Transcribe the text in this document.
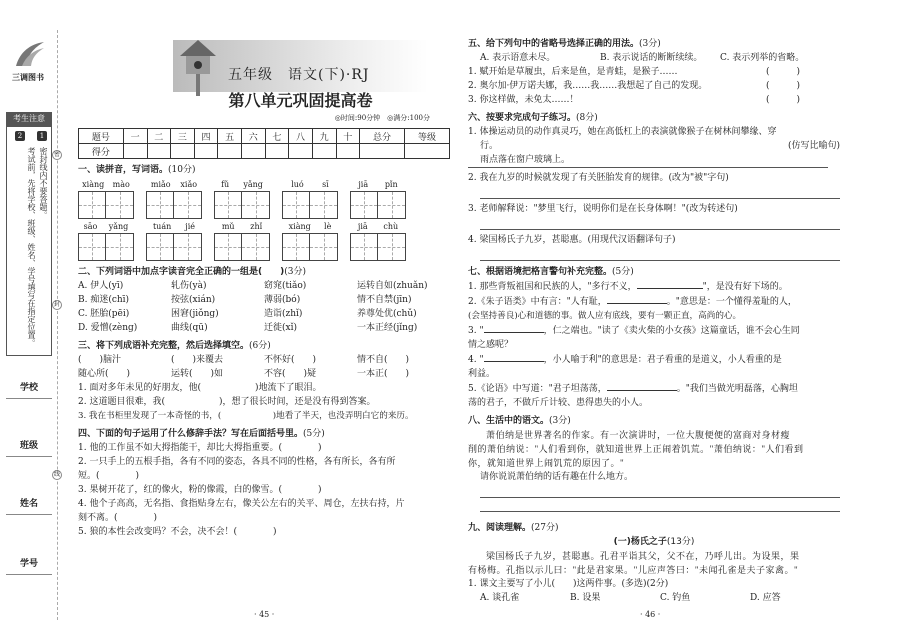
三调图书
考生注意
1
密封线内不要答题。
2
考试前，先将学校、班级、姓名、学号填写在指定位置。
学校
班级
姓名
学号
密
封
线
五年级　语文(下)·RJ
第八单元巩固提高卷
◎时间:90分钟　 ◎满分:100分
题号	一	二	三	四	五	六	七	八	九	十	总分	等级
得分												
一、读拼音，写词语。(10分)
xiàng mào	miǎo xiǎo	fǔ yǎng	luó sī	jiā pǐn
sāo yǎng	tuán jié	mǔ zhǐ	xiàng lè	jiā chù
二、下列词语中加点字读音完全正确的一组是(　　)(3分)
A. 伊人(yī)	轧伤(yà)	窈窕(tiǎo)	运转自如(zhuǎn)
B. 痴迷(chī)	按弦(xián)	薄弱(bó)	情不自禁(jīn)
C. 胚胎(pēi)	困窘(jiǒng)	造诣(zhǐ)	养尊处优(chǔ)
D. 爱憎(zèng)	曲线(qū)	迁徙(xǐ)	一本正经(jǐng)
三、将下列成语补充完整，然后选择填空。(6分)
(　　)脑汁	(　　)来覆去	不怀好(　　)	情不自(　　)
随心所(　　)	运转(　　)如	不容(　　)疑	一本正(　　)
1. 面对多年未见的好朋友，他(　　　　　　)地流下了眼泪。
2. 这道题目很难，我(　　　　　　)，想了很长时间，还是没有得到答案。
3. 我在书柜里发现了一本奇怪的书，(　　　　　　)地看了半天，也没弄明白它的来历。
四、下面的句子运用了什么修辞手法？写在后面括号里。(5分)
1. 他的工作虽不如大拇指能干，却比大拇指重要。(　　　　)
2. 一只手上的五根手指，各有不同的姿态，各具不同的性格，各有所长，各有所
短。(　　　　)
3. 果树开花了，红的像火，粉的像霞，白的像雪。(　　　　)
4. 他个子高高，无名指、食指贴身左右，像关公左右的关平、周仓，左扶右持，片
刻不离。(　　　　)
5. 狼的本性会改变吗？不会，决不会！(　　　　)
· 45 ·
五、给下列句中的省略号选择正确的用法。(3分)
A. 表示语意未尽。	B. 表示说话的断断续续。	C. 表示列举的省略。
1. 赋开始是草履虫，后来是鱼，是青蛙，是猴子……	(　　　)
2. 奥尔加·伊万诺夫娜，我……我……我想起了自己的发现。	(　　　)
3. 你这样做，未免太……！	(　　　)
六、按要求完成句子练习。(8分)
1. 体操运动员的动作真灵巧，她在高低杠上的表演就像猴子在树林间攀缘、穿
行。	(仿写比喻句)
雨点落在窗户玻璃上。
2. 我在九岁的时候就发现了有关胚胎发育的规律。(改为"被"字句)
3. 老师解释说："梦里飞行，说明你们是在长身体啊！"(改为转述句)
4. 梁国杨氏子九岁，甚聪惠。(用现代汉语翻译句子)
七、根据语境把格言警句补充完整。(5分)
1. 那些背叛祖国和民族的人，"多行不义，	"，是没有好下场的。
2.《朱子语类》中有言："人有耻，	。"意思是：一个懂得羞耻的人，
(会坚持善良)心和道德的事。做人应有底线，要有一颗正直，高尚的心。
3. "	，仁之端也。"读了《卖火柴的小女孩》这篇童话，谁不会心生同
情之感呢？
4. "	，小人喻于利"的意思是：君子看重的是道义，小人看重的是
利益。
5.《论语》中写道："君子坦荡荡，	。"我们当做光明磊落，心胸坦
荡的君子，不做斤斤计较、患得患失的小人。
八、生活中的语文。(3分)
萧伯纳是世界著名的作家。有一次演讲时，一位大腹便便的富商对身材瘦
削的萧伯纳说："人们看到你，就知道世界上正闹着饥荒。"萧伯纳说："人们看到
你，就知道世界上闹饥荒的原因了。"
请你说说萧伯纳的话有趣在什么地方。
九、阅读理解。(27分)
(一)杨氏之子(13分)
梁国杨氏子九岁，甚聪惠。孔君平诣其父，父不在，乃呼儿出。为设果，果
有杨梅。孔指以示儿曰："此是君家果。"儿应声答曰："未闻孔雀是夫子家禽。"
1. 课文主要写了小儿(　　)这两件事。(多选)(2分)
A. 谈孔雀	B. 设果	C. 钓鱼	D. 应答
· 46 ·
